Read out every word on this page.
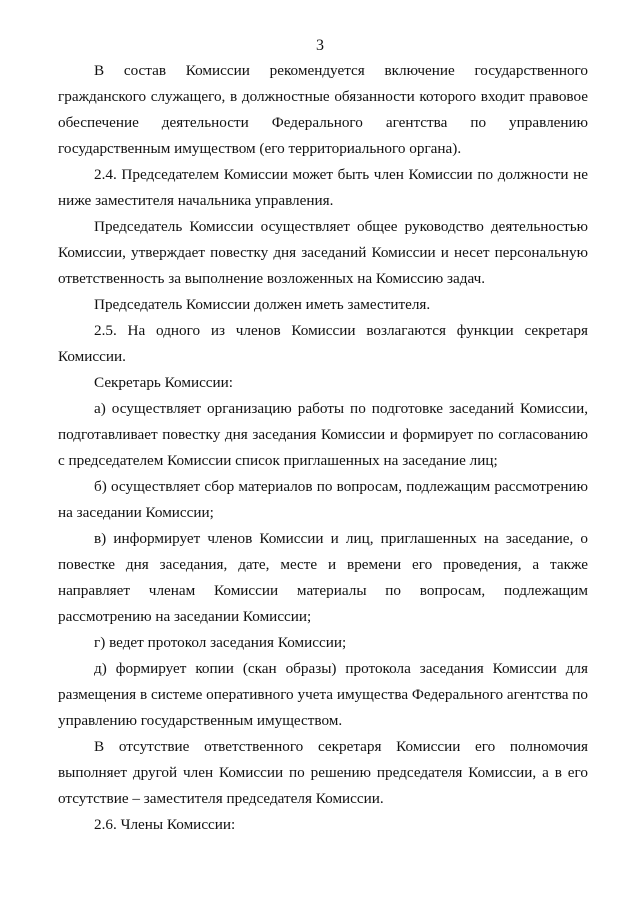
3

В состав Комиссии рекомендуется включение государственного гражданского служащего, в должностные обязанности которого входит правовое обеспечение деятельности Федерального агентства по управлению государственным имуществом (его территориального органа).

2.4. Председателем Комиссии может быть член Комиссии по должности не ниже заместителя начальника управления.

Председатель Комиссии осуществляет общее руководство деятельностью Комиссии, утверждает повестку дня заседаний Комиссии и несет персональную ответственность за выполнение возложенных на Комиссию задач.

Председатель Комиссии должен иметь заместителя.

2.5. На одного из членов Комиссии возлагаются функции секретаря Комиссии.

Секретарь Комиссии:

а) осуществляет организацию работы по подготовке заседаний Комиссии, подготавливает повестку дня заседания Комиссии и формирует по согласованию с председателем Комиссии список приглашенных на заседание лиц;

б) осуществляет сбор материалов по вопросам, подлежащим рассмотрению на заседании Комиссии;

в) информирует членов Комиссии и лиц, приглашенных на заседание, о повестке дня заседания, дате, месте и времени его проведения, а также направляет членам Комиссии материалы по вопросам, подлежащим рассмотрению на заседании Комиссии;

г) ведет протокол заседания Комиссии;

д) формирует копии (скан образы) протокола заседания Комиссии для размещения в системе оперативного учета имущества Федерального агентства по управлению государственным имуществом.

В отсутствие ответственного секретаря Комиссии его полномочия выполняет другой член Комиссии по решению председателя Комиссии, а в его отсутствие – заместителя председателя Комиссии.

2.6. Члены Комиссии:
